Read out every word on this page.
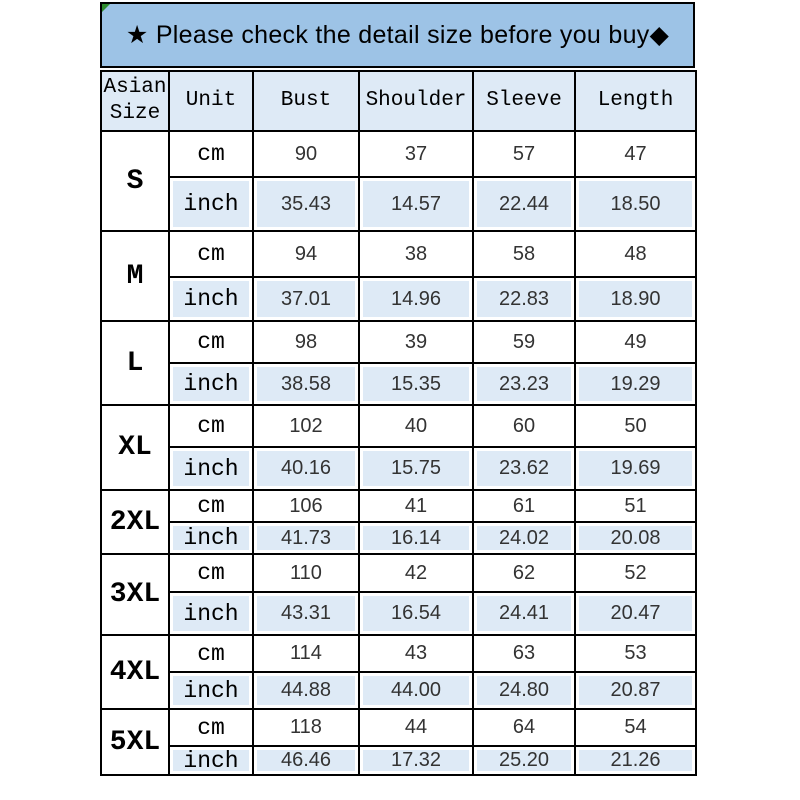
★ Please check the detail size before you buy◆
Asian Size	Unit	Bust	Shoulder	Sleeve	Length
S	cm	90	37	57	47
	inch	35.43	14.57	22.44	18.50
M	cm	94	38	58	48
	inch	37.01	14.96	22.83	18.90
L	cm	98	39	59	49
	inch	38.58	15.35	23.23	19.29
XL	cm	102	40	60	50
	inch	40.16	15.75	23.62	19.69
2XL	cm	106	41	61	51
	inch	41.73	16.14	24.02	20.08
3XL	cm	110	42	62	52
	inch	43.31	16.54	24.41	20.47
4XL	cm	114	43	63	53
	inch	44.88	44.00	24.80	20.87
5XL	cm	118	44	64	54
	inch	46.46	17.32	25.20	21.26
